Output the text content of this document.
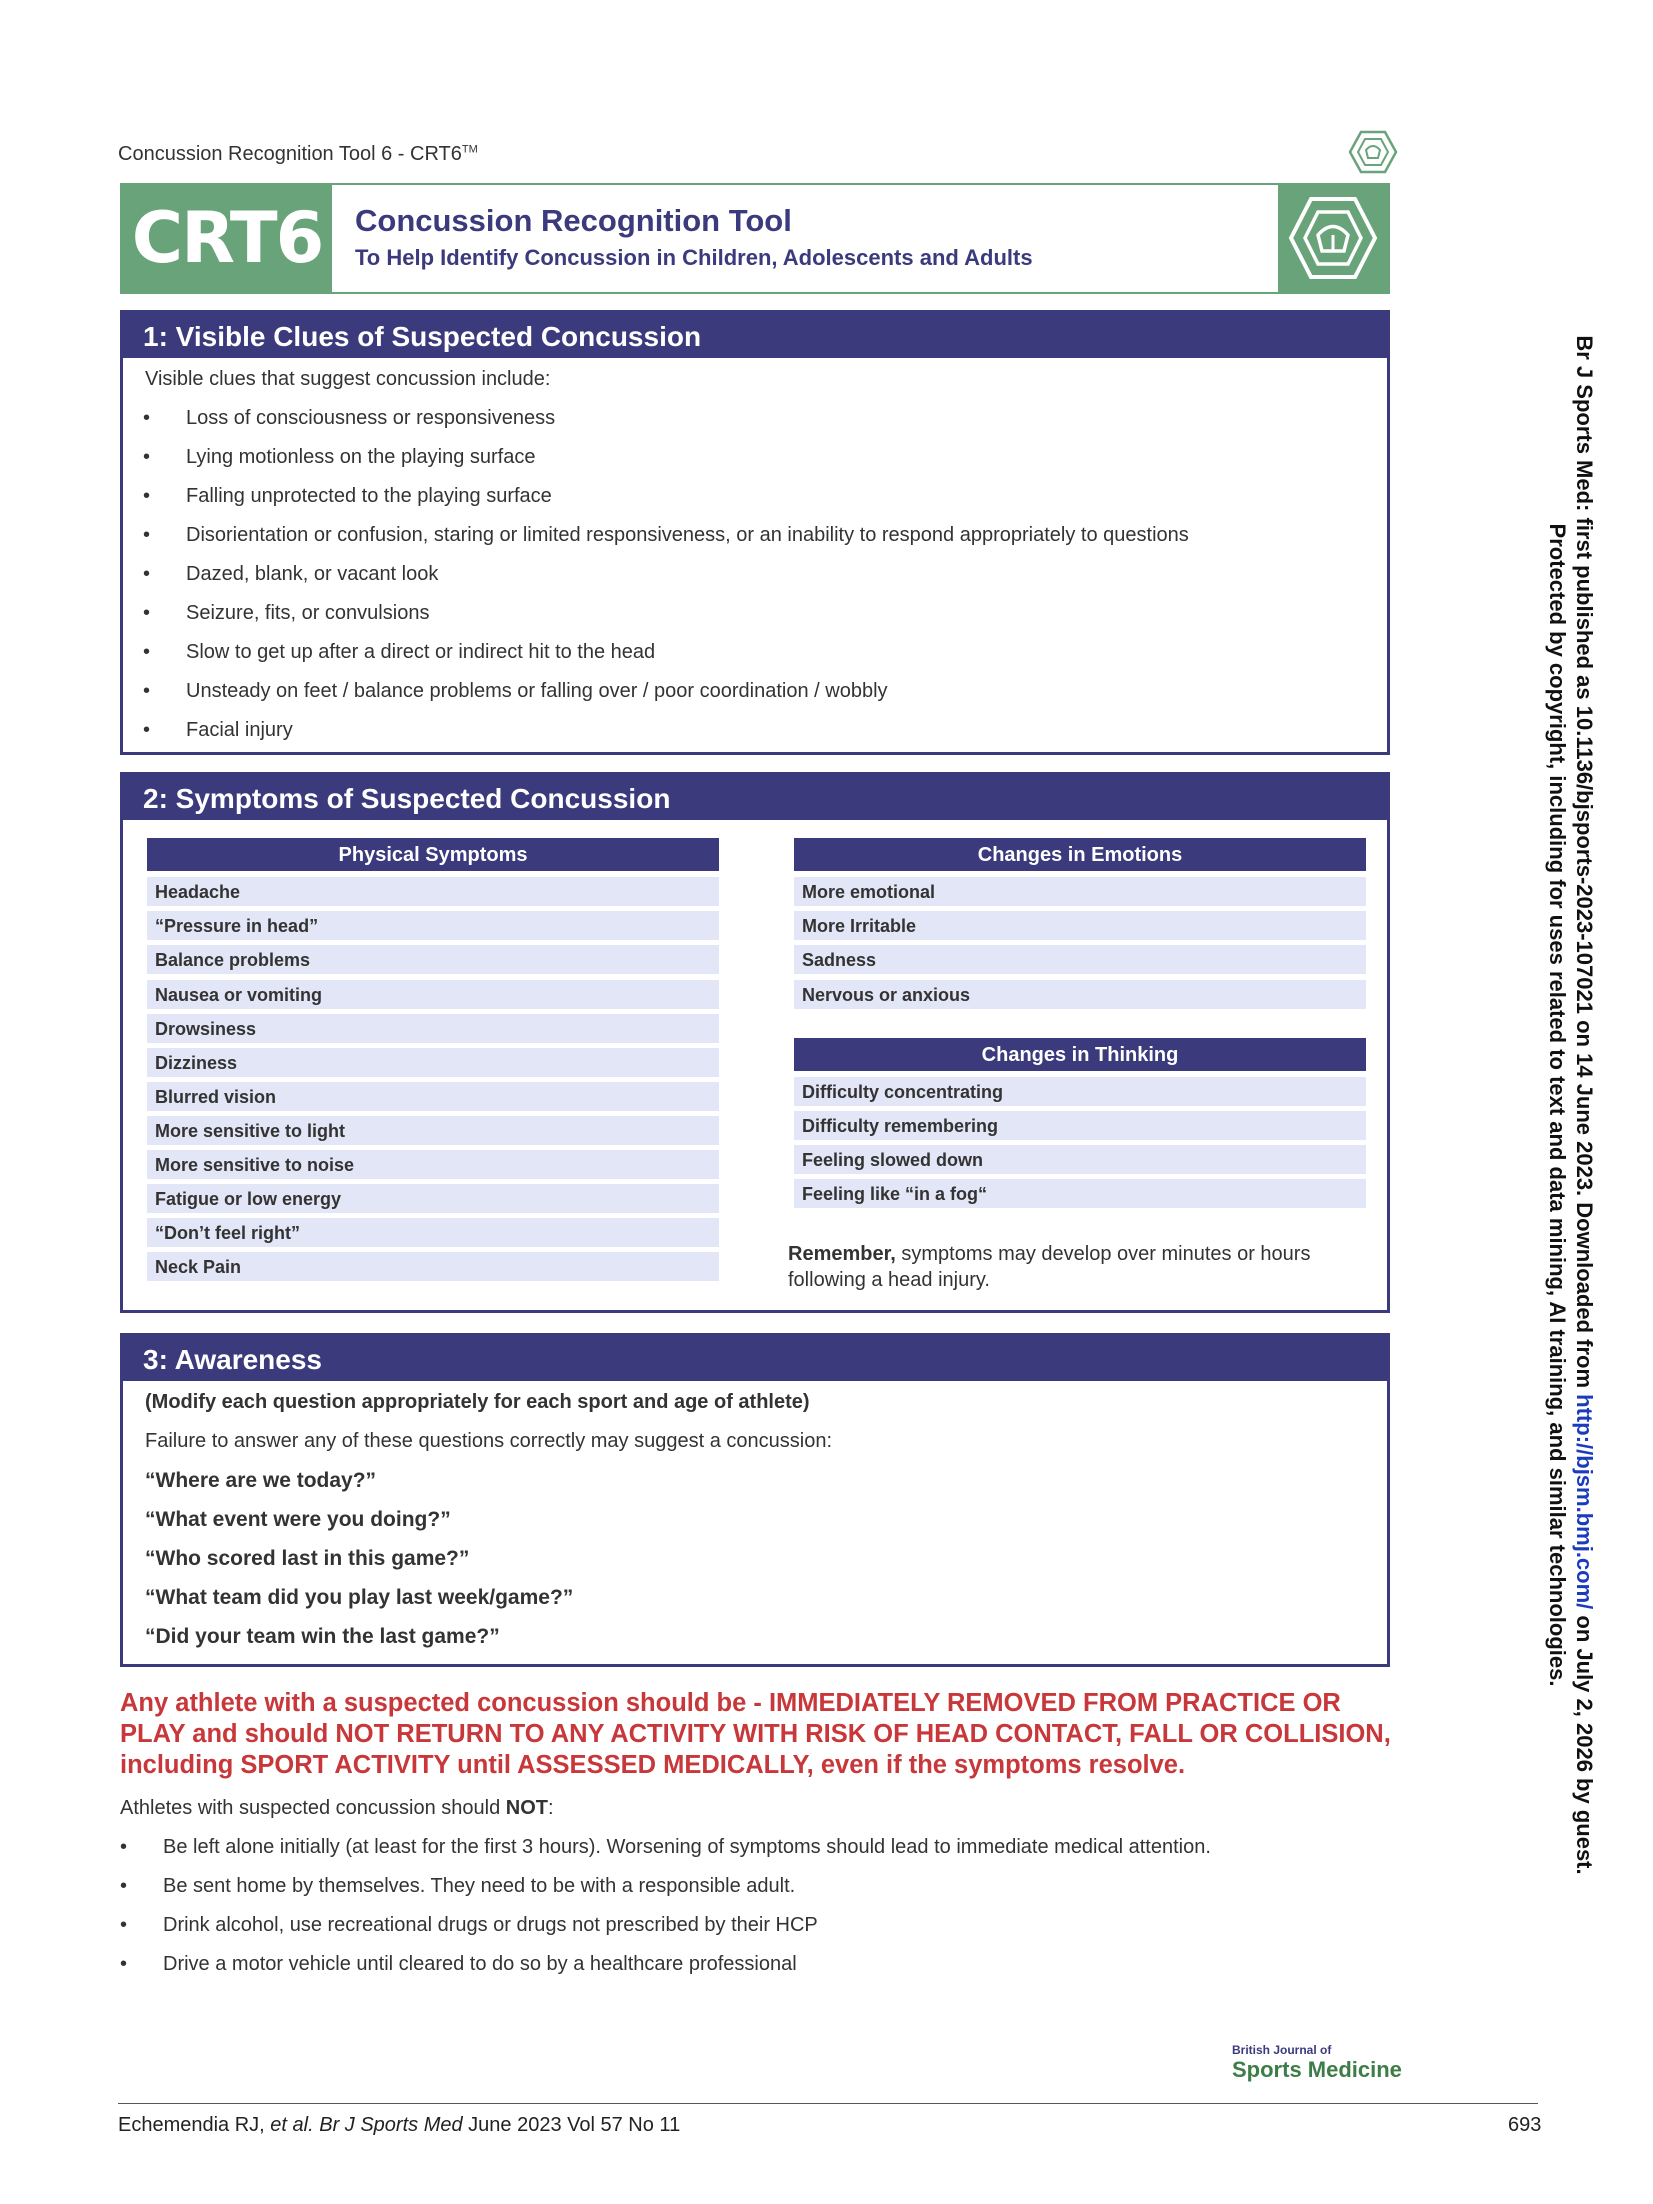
Concussion Recognition Tool 6 - CRT6™
CRT6	Concussion Recognition Tool
To Help Identify Concussion in Children, Adolescents and Adults
1: Visible Clues of Suspected Concussion
Visible clues that suggest concussion include:
• Loss of consciousness or responsiveness
• Lying motionless on the playing surface
• Falling unprotected to the playing surface
• Disorientation or confusion, staring or limited responsiveness, or an inability to respond appropriately to questions
• Dazed, blank, or vacant look
• Seizure, fits, or convulsions
• Slow to get up after a direct or indirect hit to the head
• Unsteady on feet / balance problems or falling over / poor coordination / wobbly
• Facial injury
2: Symptoms of Suspected Concussion
Physical Symptoms
Headache
“Pressure in head”
Balance problems
Nausea or vomiting
Drowsiness
Dizziness
Blurred vision
More sensitive to light
More sensitive to noise
Fatigue or low energy
“Don’t feel right”
Neck Pain
Changes in Emotions
More emotional
More Irritable
Sadness
Nervous or anxious
Changes in Thinking
Difficulty concentrating
Difficulty remembering
Feeling slowed down
Feeling like “in a fog“
Remember, symptoms may develop over minutes or hours
following a head injury.
3: Awareness
(Modify each question appropriately for each sport and age of athlete)
Failure to answer any of these questions correctly may suggest a concussion:
“Where are we today?”
“What event were you doing?”
“Who scored last in this game?”
“What team did you play last week/game?”
“Did your team win the last game?”
Any athlete with a suspected concussion should be - IMMEDIATELY REMOVED FROM PRACTICE OR
PLAY and should NOT RETURN TO ANY ACTIVITY WITH RISK OF HEAD CONTACT, FALL OR COLLISION,
including SPORT ACTIVITY until ASSESSED MEDICALLY, even if the symptoms resolve.
Athletes with suspected concussion should NOT:
• Be left alone initially (at least for the first 3 hours). Worsening of symptoms should lead to immediate medical attention.
• Be sent home by themselves. They need to be with a responsible adult.
• Drink alcohol, use recreational drugs or drugs not prescribed by their HCP
• Drive a motor vehicle until cleared to do so by a healthcare professional
British Journal of
Sports Medicine
Echemendia RJ, et al. Br J Sports Med June 2023 Vol 57 No 11	693
Br J Sports Med: first published as 10.1136/bjsports-2023-107021 on 14 June 2023. Downloaded from http://bjsm.bmj.com/ on July 2, 2026 by guest.
Protected by copyright, including for uses related to text and data mining, AI training, and similar technologies.
